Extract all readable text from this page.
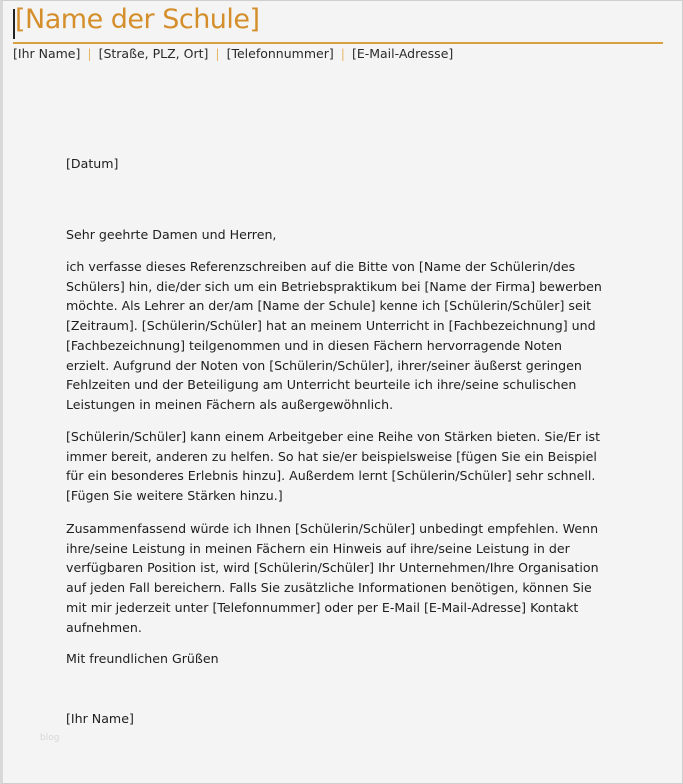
[Name der Schule]
[Ihr Name] | [Straße, PLZ, Ort] | [Telefonnummer] | [E-Mail-Adresse]
[Datum]
Sehr geehrte Damen und Herren,
ich verfasse dieses Referenzschreiben auf die Bitte von [Name der Schülerin/des
Schülers] hin, die/der sich um ein Betriebspraktikum bei [Name der Firma] bewerben
möchte. Als Lehrer an der/am [Name der Schule] kenne ich [Schülerin/Schüler] seit
[Zeitraum]. [Schülerin/Schüler] hat an meinem Unterricht in [Fachbezeichnung] und
[Fachbezeichnung] teilgenommen und in diesen Fächern hervorragende Noten
erzielt. Aufgrund der Noten von [Schülerin/Schüler], ihrer/seiner äußerst geringen
Fehlzeiten und der Beteiligung am Unterricht beurteile ich ihre/seine schulischen
Leistungen in meinen Fächern als außergewöhnlich.
[Schülerin/Schüler] kann einem Arbeitgeber eine Reihe von Stärken bieten. Sie/Er ist
immer bereit, anderen zu helfen. So hat sie/er beispielsweise [fügen Sie ein Beispiel
für ein besonderes Erlebnis hinzu]. Außerdem lernt [Schülerin/Schüler] sehr schnell.
[Fügen Sie weitere Stärken hinzu.]
Zusammenfassend würde ich Ihnen [Schülerin/Schüler] unbedingt empfehlen. Wenn
ihre/seine Leistung in meinen Fächern ein Hinweis auf ihre/seine Leistung in der
verfügbaren Position ist, wird [Schülerin/Schüler] Ihr Unternehmen/Ihre Organisation
auf jeden Fall bereichern. Falls Sie zusätzliche Informationen benötigen, können Sie
mit mir jederzeit unter [Telefonnummer] oder per E-Mail [E-Mail-Adresse] Kontakt
aufnehmen.
Mit freundlichen Grüßen
[Ihr Name]
blog
